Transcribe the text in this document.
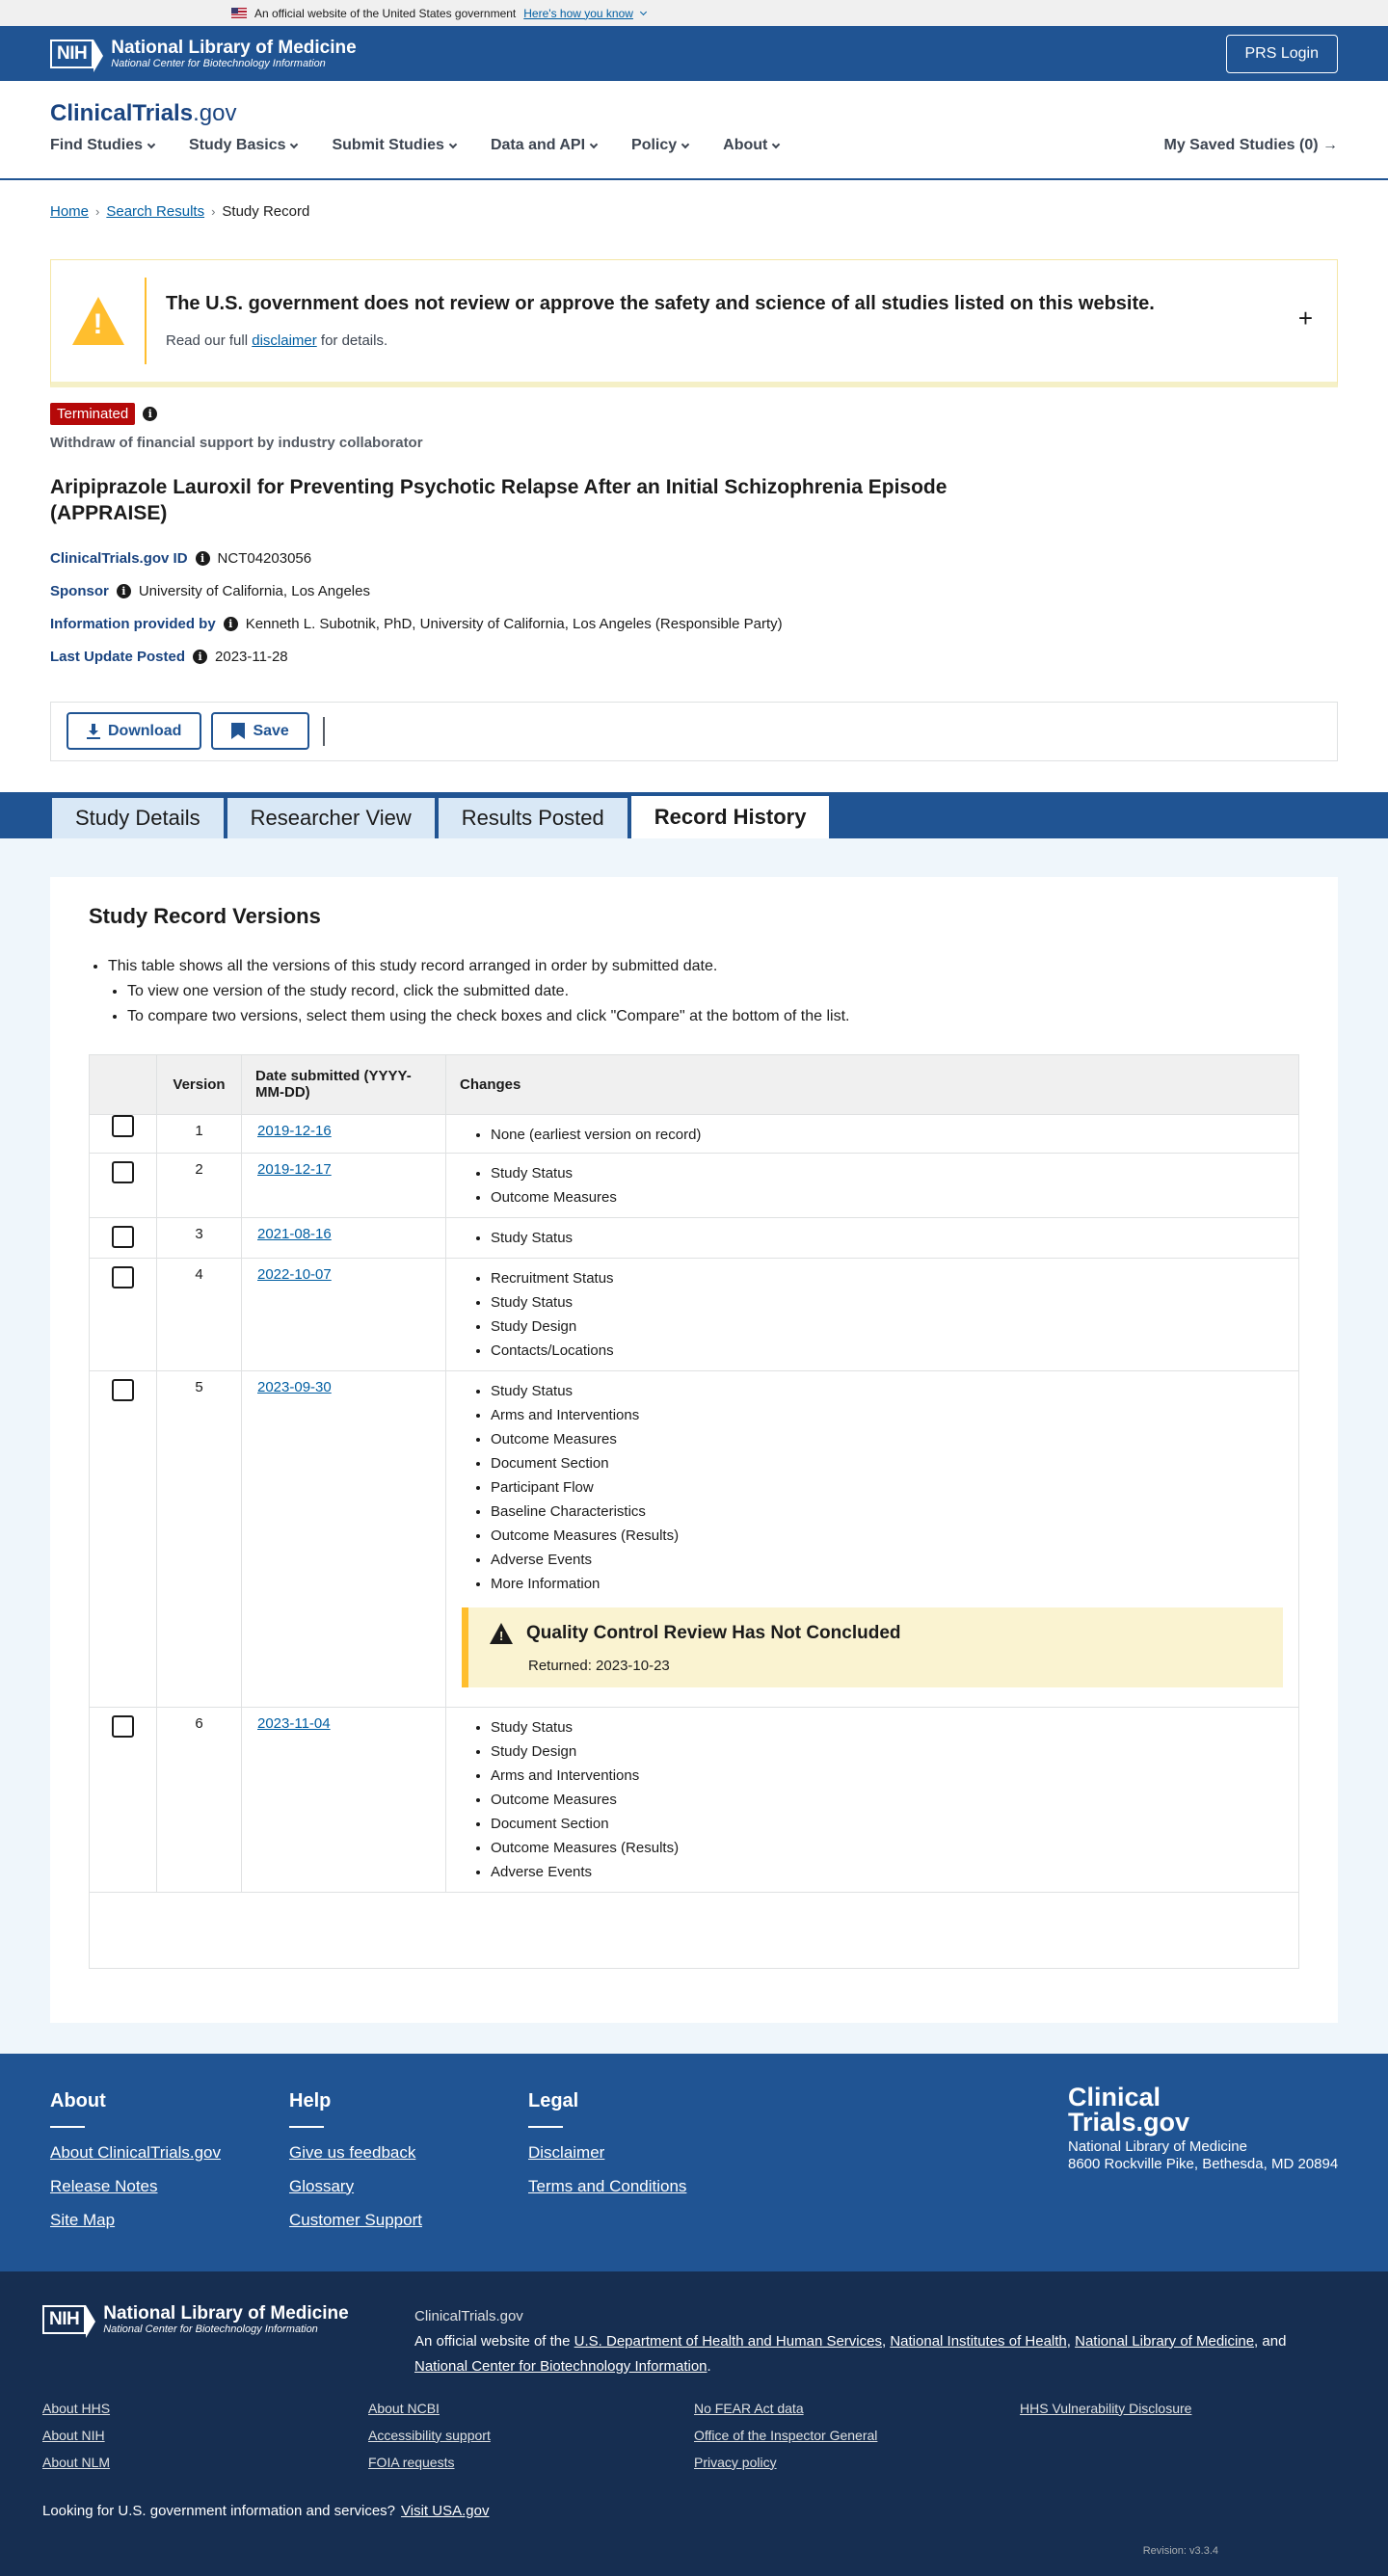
An official website of the United States government Here's how you know
NIH	National Library of Medicine
National Center for Biotechnology Information
PRS Login
ClinicalTrials.gov
Find Studies	Study Basics	Submit Studies	Data and API	Policy	About	My Saved Studies (0) →
Home › Search Results › Study Record
!
The U.S. government does not review or approve the safety and science of all studies listed on this website.
Read our full disclaimer for details.
+
Terminated	i
Withdraw of financial support by industry collaborator
Aripiprazole Lauroxil for Preventing Psychotic Relapse After an Initial Schizophrenia Episode (APPRAISE)
ClinicalTrials.gov ID	i NCT04203056
Sponsor	i University of California, Los Angeles
Information provided by	i Kenneth L. Subotnik, PhD, University of California, Los Angeles (Responsible Party)
Last Update Posted	i 2023-11-28
Download	Save
Study Details	Researcher View	Results Posted	Record History
Study Record Versions
• This table shows all the versions of this study record arranged in order by submitted date.
• To view one version of the study record, click the submitted date.
• To compare two versions, select them using the check boxes and click "Compare" at the bottom of the list.
Version	Date submitted (YYYY-MM-DD)	Changes
1	2019-12-16	• None (earliest version on record)
2	2019-12-17	• Study Status
• Outcome Measures
3	2021-08-16	• Study Status
4	2022-10-07	• Recruitment Status
• Study Status
• Study Design
• Contacts/Locations
5	2023-09-30	• Study Status
• Arms and Interventions
• Outcome Measures
• Document Section
• Participant Flow
• Baseline Characteristics
• Outcome Measures (Results)
• Adverse Events
• More Information
!
Quality Control Review Has Not Concluded
Returned: 2023-10-23
6	2023-11-04	• Study Status
• Study Design
• Arms and Interventions
• Outcome Measures
• Document Section
• Outcome Measures (Results)
• Adverse Events
About
About ClinicalTrials.gov
Release Notes
Site Map
Help
Give us feedback
Glossary
Customer Support
Legal
Disclaimer
Terms and Conditions
Clinical
Trials.gov
National Library of Medicine
8600 Rockville Pike, Bethesda, MD 20894
NIH	National Library of Medicine
National Center for Biotechnology Information
ClinicalTrials.gov
An official website of the U.S. Department of Health and Human Services, National Institutes of Health, National Library of Medicine, and National Center for Biotechnology Information.
About HHS
About NIH
About NLM
About NCBI
Accessibility support
FOIA requests
No FEAR Act data
Office of the Inspector General
Privacy policy
HHS Vulnerability Disclosure
Looking for U.S. government information and services? Visit USA.gov
Revision: v3.3.4
